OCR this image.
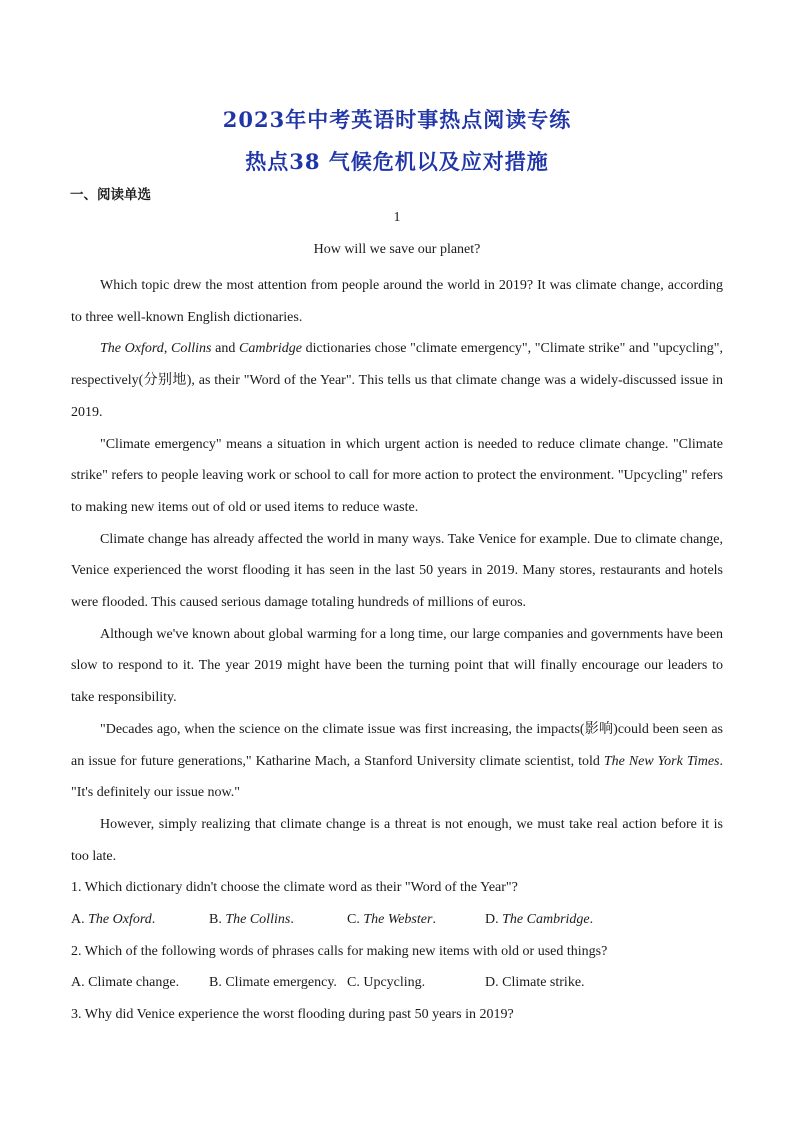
2023年中考英语时事热点阅读专练
热点38 气候危机以及应对措施

一、阅读单选

1

How will we save our planet?

Which topic drew the most attention from people around the world in 2019? It was climate change, according to three well-known English dictionaries.

The Oxford, Collins and Cambridge dictionaries chose "climate emergency", "Climate strike" and "upcycling", respectively(分别地), as their "Word of the Year". This tells us that climate change was a widely-discussed issue in 2019.

"Climate emergency" means a situation in which urgent action is needed to reduce climate change. "Climate strike" refers to people leaving work or school to call for more action to protect the environment. "Upcycling" refers to making new items out of old or used items to reduce waste.

Climate change has already affected the world in many ways. Take Venice for example. Due to climate change, Venice experienced the worst flooding it has seen in the last 50 years in 2019. Many stores, restaurants and hotels were flooded. This caused serious damage totaling hundreds of millions of euros.

Although we've known about global warming for a long time, our large companies and governments have been slow to respond to it. The year 2019 might have been the turning point that will finally encourage our leaders to take responsibility.

"Decades ago, when the science on the climate issue was first increasing, the impacts(影响)could been seen as an issue for future generations," Katharine Mach, a Stanford University climate scientist, told The New York Times. "It's definitely our issue now."

However, simply realizing that climate change is a threat is not enough, we must take real action before it is too late.

1. Which dictionary didn't choose the climate word as their "Word of the Year"?

A. The Oxford.	B. The Collins.	C. The Webster.	D. The Cambridge.

2. Which of the following words of phrases calls for making new items with old or used things?

A. Climate change.	B. Climate emergency. C. Upcycling.	D. Climate strike.

3. Why did Venice experience the worst flooding during past 50 years in 2019?
